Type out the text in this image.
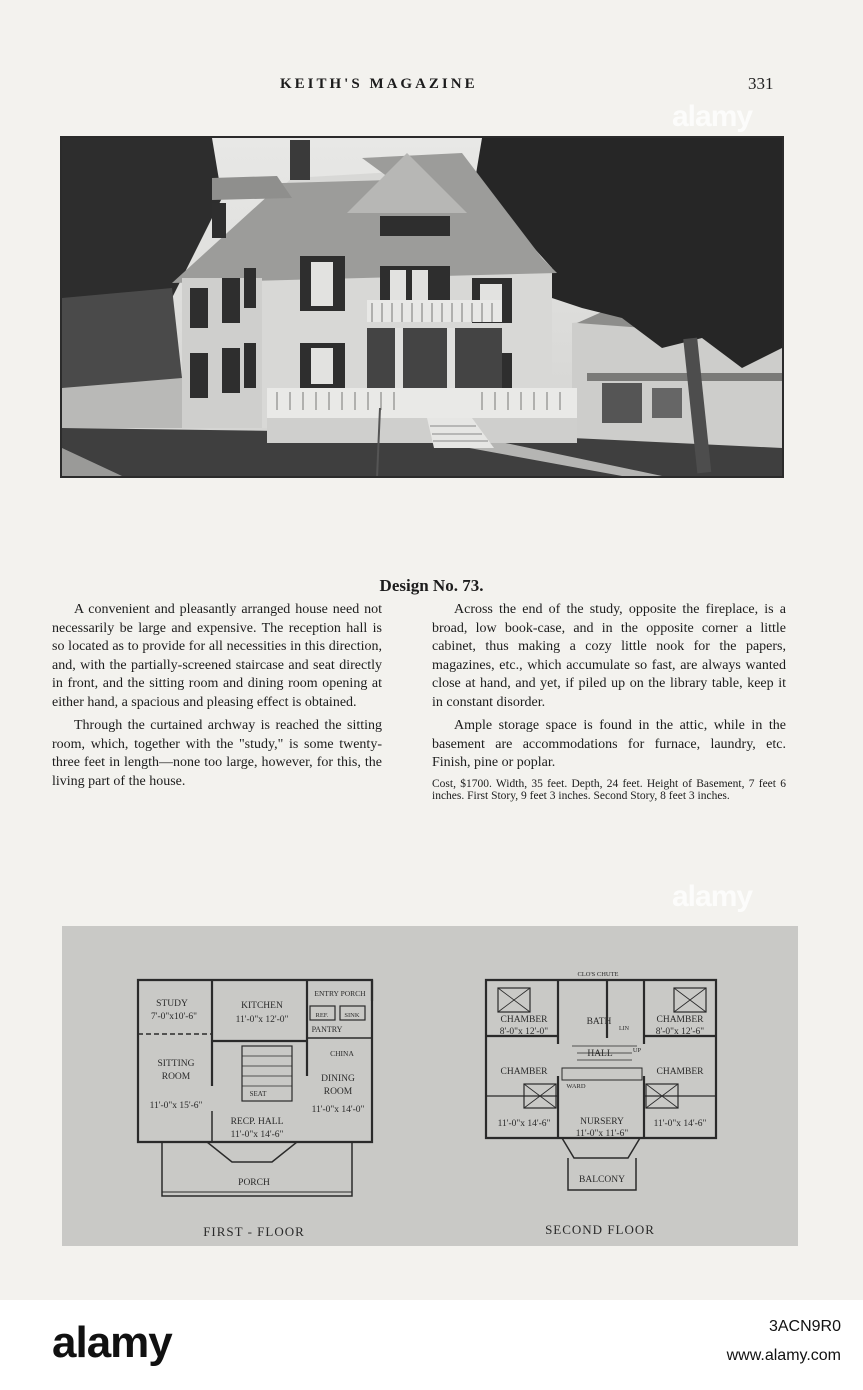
KEITH'S MAGAZINE	331
Design No. 73.

A convenient and pleasantly arranged house need not necessarily be large and expensive. The reception hall is so located as to provide for all necessities in this direction, and, with the partially-screened staircase and seat directly in front, and the sitting room and dining room opening at either hand, a spacious and pleasing effect is obtained.

Through the curtained archway is reached the sitting room, which, together with the "study," is some twenty-three feet in length—none too large, however, for this, the living part of the house.

Across the end of the study, opposite the fireplace, is a broad, low book-case, and in the opposite corner a little cabinet, thus making a cozy little nook for the papers, magazines, etc., which accumulate so fast, are always wanted close at hand, and yet, if piled up on the library table, keep it in constant disorder.

Ample storage space is found in the attic, while in the basement are accommodations for furnace, laundry, etc. Finish, pine or poplar.

Cost, $1700. Width, 35 feet. Depth, 24 feet. Height of Basement, 7 feet 6 inches. First Story, 9 feet 3 inches. Second Story, 8 feet 3 inches.

STUDY
7'-0"x10'-6"
KITCHEN
11'-0"x 12'-0"
ENTRY PORCH
REF. SINK
PANTRY
CHINA
SITTING
ROOM
11'-0"x 15'-6"
DINING
ROOM
11'-0"x 14'-0"
SEAT
RECP. HALL
11'-0"x 14'-6"
PORCH
FIRST - FLOOR
CLO'S CHUTE
CHAMBER
8'-0"x 12'-0"
BATH
LIN
CHAMBER
8'-0"x 12'-6"
HALL	UP
WARD
CHAMBER
11'-0"x 14'-6"
CHAMBER
11'-0"x 14'-6"
NURSERY
11'-0"x 11'-6"
BALCONY
SECOND FLOOR
alamy
alamy
alamy	3ACN9R0
www.alamy.com
